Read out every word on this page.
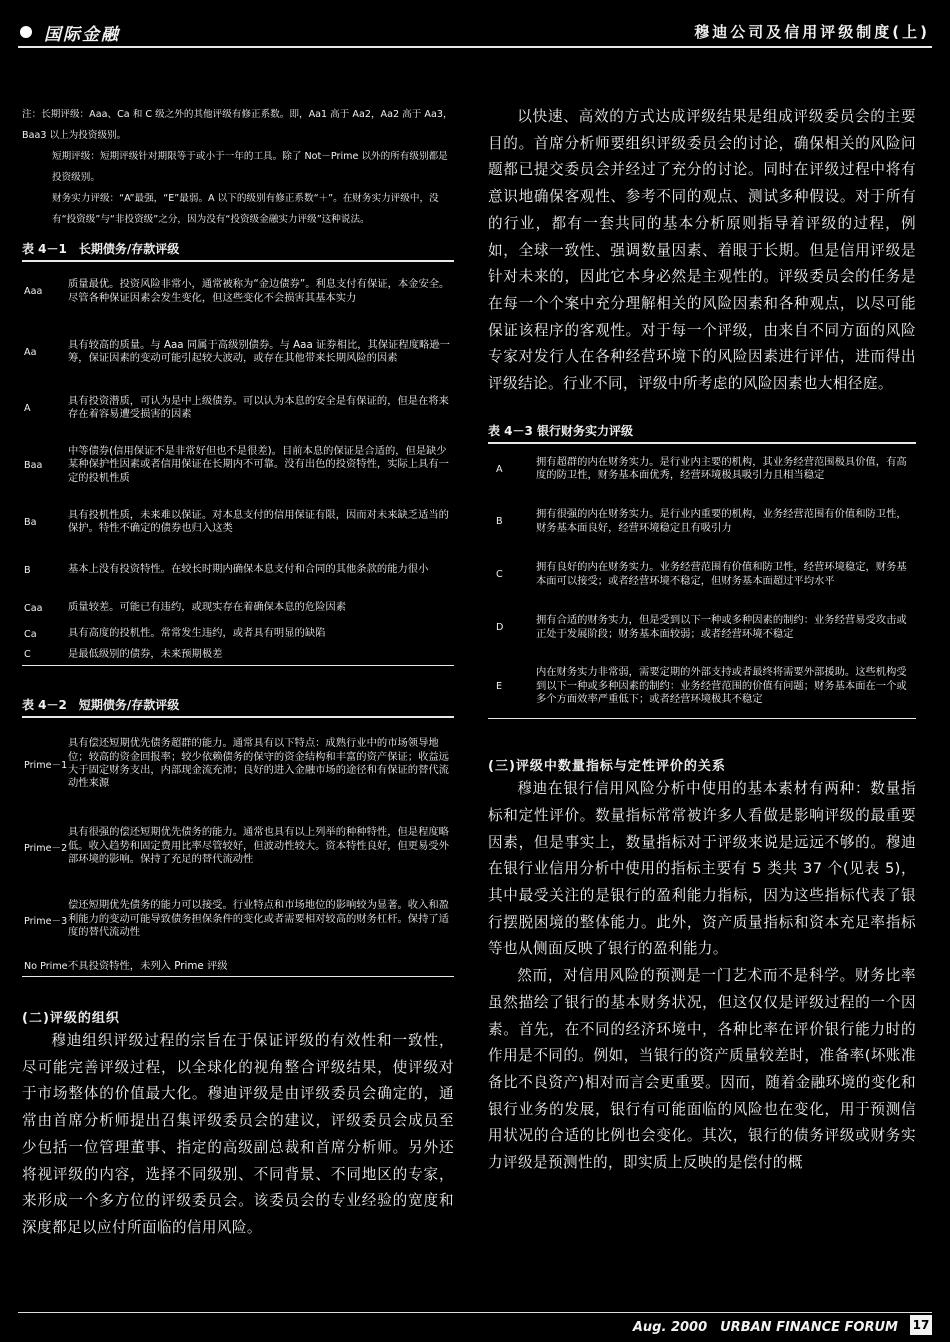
国际金融	穆迪公司及信用评级制度(上)

注：长期评级：Aaa、Ca 和 C 级之外的其他评级有修正系数。即，Aa1 高于 Aa2，Aa2 高于 Aa3，Baa3 以上为投资级别。

短期评级：短期评级针对期限等于或小于一年的工具。除了 Not－Prime 以外的所有级别都是投资级别。

财务实力评级：“A”最强，“E”最弱。A 以下的级别有修正系数“＋”。在财务实力评级中，没有“投资级”与“非投资级”之分，因为没有“投资级金融实力评级”这种说法。

表 4－1　长期债务/存款评级
Aaa	质量最优。投资风险非常小，通常被称为“金边债券”。利息支付有保证，本金安全。尽管各种保证因素会发生变化，但这些变化不会损害其基本实力
Aa	具有较高的质量。与 Aaa 同属于高级别债券。与 Aaa 证券相比，其保证程度略逊一筹，保证因素的变动可能引起较大波动，或存在其他带来长期风险的因素
A	具有投资潜质，可认为是中上级债券。可以认为本息的安全是有保证的，但是在将来存在着容易遭受损害的因素
Baa	中等债券(信用保证不是非常好但也不是很差)。目前本息的保证是合适的，但是缺少某种保护性因素或者信用保证在长期内不可靠。没有出色的投资特性，实际上具有一定的投机性质
Ba	具有投机性质，未来难以保证。对本息支付的信用保证有限，因而对未来缺乏适当的保护。特性不确定的债券也归入这类
B	基本上没有投资特性。在较长时期内确保本息支付和合同的其他条款的能力很小
Caa	质量较差。可能已有违约，或现实存在着确保本息的危险因素
Ca	具有高度的投机性。常常发生违约，或者具有明显的缺陷
C	是最低级别的债券，未来预期极差
表 4－2　短期债务/存款评级
Prime－1	具有偿还短期优先债务超群的能力。通常具有以下特点：成熟行业中的市场领导地位；较高的资金回报率；较少依赖债务的保守的资金结构和丰富的资产保证；收益远大于固定财务支出，内部现金流充沛；良好的进入金融市场的途径和有保证的替代流动性来源
Prime－2	具有很强的偿还短期优先债务的能力。通常也具有以上列举的种种特性，但是程度略低。收入趋势和固定费用比率尽管较好，但波动性较大。资本特性良好，但更易受外部环境的影响。保持了充足的替代流动性
Prime－3	偿还短期优先债务的能力可以接受。行业特点和市场地位的影响较为显著。收入和盈利能力的变动可能导致债务担保条件的变化或者需要相对较高的财务杠杆。保持了适度的替代流动性
No Prime	不具投资特性，未列入 Prime 评级
(二)评级的组织

穆迪组织评级过程的宗旨在于保证评级的有效性和一致性，尽可能完善评级过程，以全球化的视角整合评级结果，使评级对于市场整体的价值最大化。穆迪评级是由评级委员会确定的，通常由首席分析师提出召集评级委员会的建议，评级委员会成员至少包括一位管理董事、指定的高级副总裁和首席分析师。另外还将视评级的内容，选择不同级别、不同背景、不同地区的专家，来形成一个多方位的评级委员会。该委员会的专业经验的宽度和深度都足以应付所面临的信用风险。

以快速、高效的方式达成评级结果是组成评级委员会的主要目的。首席分析师要组织评级委员会的讨论，确保相关的风险问题都已提交委员会并经过了充分的讨论。同时在评级过程中将有意识地确保客观性、参考不同的观点、测试多种假设。对于所有的行业，都有一套共同的基本分析原则指导着评级的过程，例如，全球一致性、强调数量因素、着眼于长期。但是信用评级是针对未来的，因此它本身必然是主观性的。评级委员会的任务是在每一个个案中充分理解相关的风险因素和各种观点，以尽可能保证该程序的客观性。对于每一个评级，由来自不同方面的风险专家对发行人在各种经营环境下的风险因素进行评估，进而得出评级结论。行业不同，评级中所考虑的风险因素也大相径庭。

表 4－3 银行财务实力评级
A	拥有超群的内在财务实力。是行业内主要的机构，其业务经营范围极具价值，有高度的防卫性，财务基本面优秀，经营环境极具吸引力且相当稳定
B	拥有很强的内在财务实力。是行业内重要的机构，业务经营范围有价值和防卫性，财务基本面良好，经营环境稳定且有吸引力
C	拥有良好的内在财务实力。业务经营范围有价值和防卫性，经营环境稳定，财务基本面可以接受；或者经营环境不稳定，但财务基本面超过平均水平
D	拥有合适的财务实力，但是受到以下一种或多种因素的制约：业务经营易受攻击或正处于发展阶段；财务基本面较弱；或者经营环境不稳定
E	内在财务实力非常弱，需要定期的外部支持或者最终将需要外部援助。这些机构受到以下一种或多种因素的制约：业务经营范围的价值有问题；财务基本面在一个或多个方面效率严重低下；或者经营环境极其不稳定
(三)评级中数量指标与定性评价的关系

穆迪在银行信用风险分析中使用的基本素材有两种：数量指标和定性评价。数量指标常常被许多人看做是影响评级的最重要因素，但是事实上，数量指标对于评级来说是远远不够的。穆迪在银行业信用分析中使用的指标主要有 5 类共 37 个(见表 5)，其中最受关注的是银行的盈利能力指标，因为这些指标代表了银行摆脱困境的整体能力。此外，资产质量指标和资本充足率指标等也从侧面反映了银行的盈利能力。

然而，对信用风险的预测是一门艺术而不是科学。财务比率虽然描绘了银行的基本财务状况，但这仅仅是评级过程的一个因素。首先，在不同的经济环境中，各种比率在评价银行能力时的作用是不同的。例如，当银行的资产质量较差时，准备率(坏账准备比不良资产)相对而言会更重要。因而，随着金融环境的变化和银行业务的发展，银行有可能面临的风险也在变化，用于预测信用状况的合适的比例也会变化。其次，银行的债务评级或财务实力评级是预测性的，即实质上反映的是偿付的概

Aug. 2000　URBAN FINANCE FORUM 17
